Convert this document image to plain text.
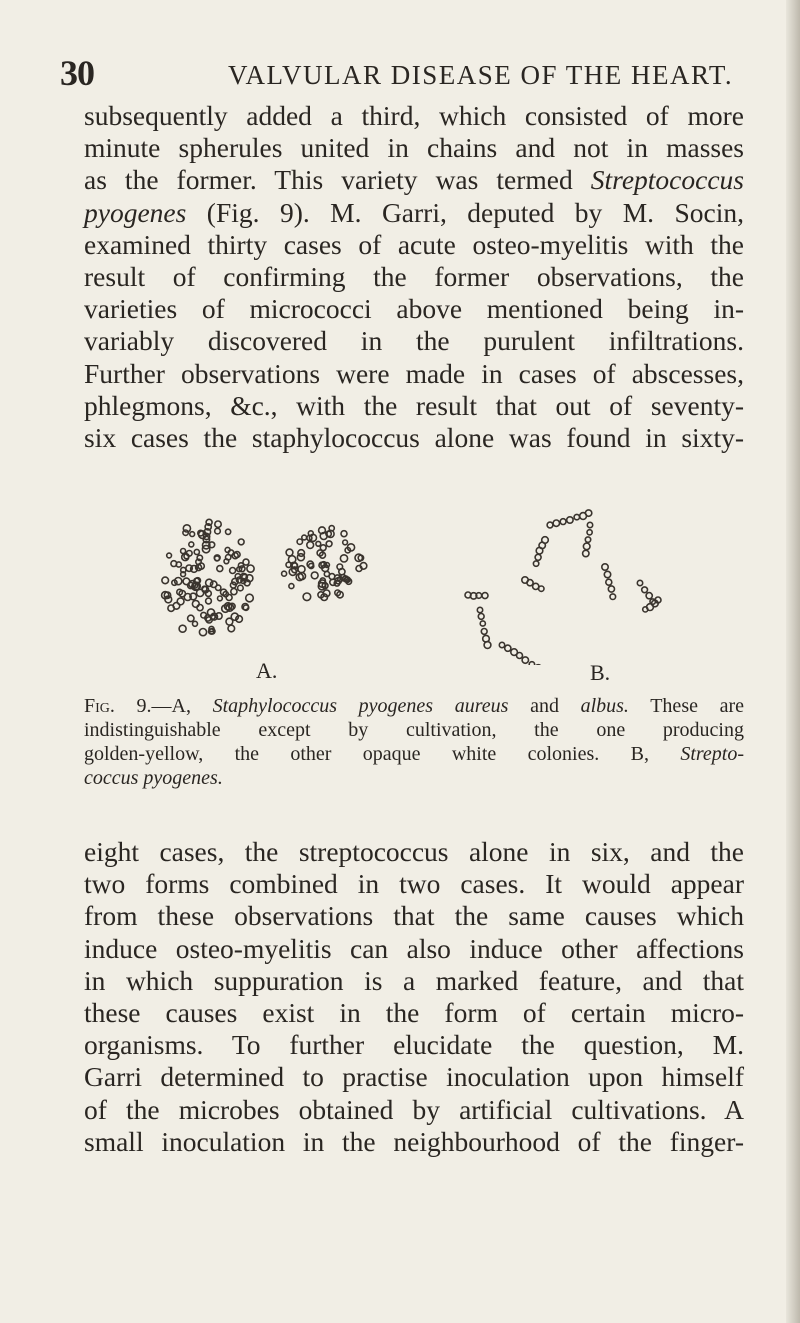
30	VALVULAR DISEASE OF THE HEART.

subsequently added a third, which consisted of more
minute spherules united in chains and not in masses
as the former. This variety was termed Streptococcus
pyogenes (Fig. 9). M. Garri, deputed by M. Socin,
examined thirty cases of acute osteo-myelitis with the
result of confirming the former observations, the
varieties of micrococci above mentioned being in-
variably discovered in the purulent infiltrations.
Further observations were made in cases of abscesses,
phlegmons, &c., with the result that out of seventy-
six cases the staphylococcus alone was found in sixty-

A.	B.

Fig. 9.—A, Staphylococcus pyogenes aureus and albus. These are
indistinguishable except by cultivation, the one producing
golden-yellow, the other opaque white colonies. B, Strepto-
coccus pyogenes.

eight cases, the streptococcus alone in six, and the
two forms combined in two cases. It would appear
from these observations that the same causes which
induce osteo-myelitis can also induce other affections
in which suppuration is a marked feature, and that
these causes exist in the form of certain micro-
organisms. To further elucidate the question, M.
Garri determined to practise inoculation upon himself
of the microbes obtained by artificial cultivations. A
small inoculation in the neighbourhood of the finger-
